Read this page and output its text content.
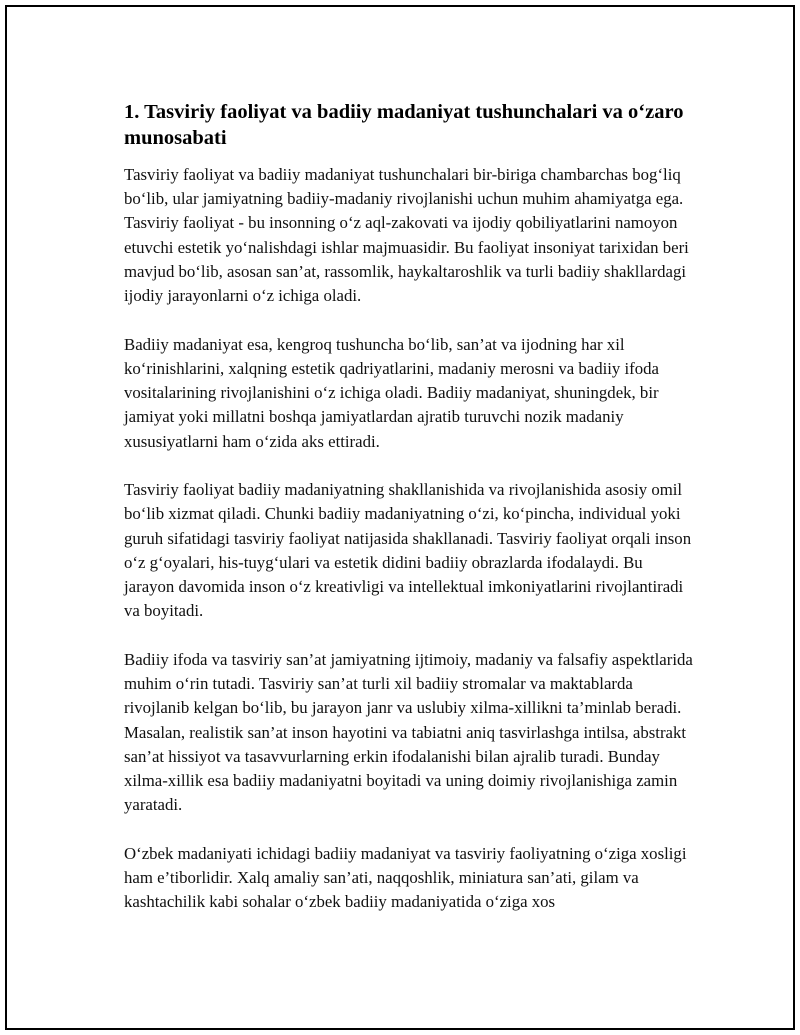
1. Tasviriy faoliyat va badiiy madaniyat tushunchalari va o‘zaro munosabati

Tasviriy faoliyat va badiiy madaniyat tushunchalari bir-biriga chambarchas bog‘liq bo‘lib, ular jamiyatning badiiy-madaniy rivojlanishi uchun muhim ahamiyatga ega. Tasviriy faoliyat - bu insonning o‘z aql-zakovati va ijodiy qobiliyatlarini namoyon etuvchi estetik yo‘nalishdagi ishlar majmuasidir. Bu faoliyat insoniyat tarixidan beri mavjud bo‘lib, asosan san’at, rassomlik, haykaltaroshlik va turli badiiy shakllardagi ijodiy jarayonlarni o‘z ichiga oladi.

Badiiy madaniyat esa, kengroq tushuncha bo‘lib, san’at va ijodning har xil ko‘rinishlarini, xalqning estetik qadriyatlarini, madaniy merosni va badiiy ifoda vositalarining rivojlanishini o‘z ichiga oladi. Badiiy madaniyat, shuningdek, bir jamiyat yoki millatni boshqa jamiyatlardan ajratib turuvchi nozik madaniy xususiyatlarni ham o‘zida aks ettiradi.

Tasviriy faoliyat badiiy madaniyatning shakllanishida va rivojlanishida asosiy omil bo‘lib xizmat qiladi. Chunki badiiy madaniyatning o‘zi, ko‘pincha, individual yoki guruh sifatidagi tasviriy faoliyat natijasida shakllanadi. Tasviriy faoliyat orqali inson o‘z g‘oyalari, his-tuyg‘ulari va estetik didini badiiy obrazlarda ifodalaydi. Bu jarayon davomida inson o‘z kreativligi va intellektual imkoniyatlarini rivojlantiradi va boyitadi.

Badiiy ifoda va tasviriy san’at jamiyatning ijtimoiy, madaniy va falsafiy aspektlarida muhim o‘rin tutadi. Tasviriy san’at turli xil badiiy stromalar va maktablarda rivojlanib kelgan bo‘lib, bu jarayon janr va uslubiy xilma-xillikni ta’minlab beradi. Masalan, realistik san’at inson hayotini va tabiatni aniq tasvirlashga intilsa, abstrakt san’at hissiyot va tasavvurlarning erkin ifodalanishi bilan ajralib turadi. Bunday xilma-xillik esa badiiy madaniyatni boyitadi va uning doimiy rivojlanishiga zamin yaratadi.

O‘zbek madaniyati ichidagi badiiy madaniyat va tasviriy faoliyatning o‘ziga xosligi ham e’tiborlidir. Xalq amaliy san’ati, naqqoshlik, miniatura san’ati, gilam va kashtachilik kabi sohalar o‘zbek badiiy madaniyatida o‘ziga xos
